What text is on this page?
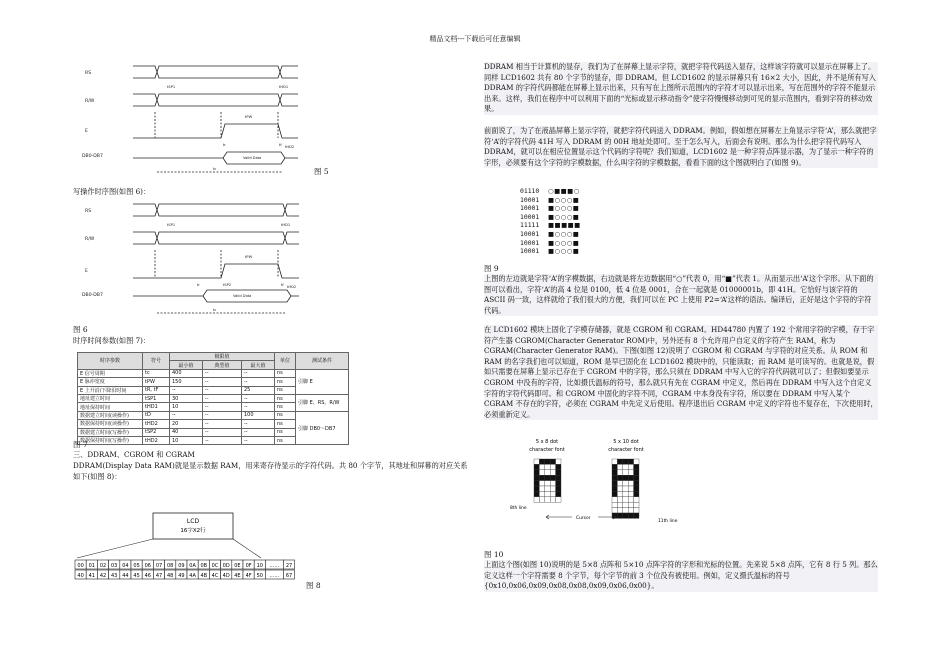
精品文档---下载后可任意编辑
RS
R/W
E
DB0-DB7
tSP1	tHD1
tPW
tr	tf
Valid Data
tHD2
tc	图 5
写操作时序图(如图 6)：
RS
R/W
E
DB0-DB7
tSP1	tHD1
tPW
tr	tf
Valid Data
tSP2	tHD2
tc
图 6
时序时间参数(如图 7)：
时序参数	符号	极限值			单位	测试条件
		最小值	典型值	最大值		
E 信号周期	tc	400	--	--	ns	引脚 E
E 脉冲宽度	tPW	150	--	--	ns	
E 上升沿/下降沿时间	tR, tF	--	--	25	ns	
地址建立时间	tSP1	30	--	--	ns	引脚 E、RS、R/W
地址保持时间	tHD1	10	--	--	ns	
数据建立时间(读操作)	tD	--	--	100	ns	引脚 DB0～DB7
数据保持时间(读操作)	tHD2	20	--	--	ns	
数据建立时间(写操作)	tSP2	40	--	--	ns	
数据保持时间(写操作)	tHD2	10	--	--	ns	
图 7
三、DDRAM、CGROM 和 CGRAM
DDRAM(Display Data RAM)就是显示数据 RAM，用来寄存待显示的字符代码。共 80 个字节，其地址和屏幕的对应关系如下(如图 8)：
LCD
16字X2行
00 01 02 03 04 05 06 07 08 09 0A 0B 0C 0D 0E 0F 10 …… 27
40 41 42 43 44 45 46 47 48 49 4A 4B 4C 4D 4E 4F 50 …… 67
图 8
DDRAM 相当于计算机的显存，我们为了在屏幕上显示字符，就把字符代码送入显存，这样该字符就可以显示在屏幕上了。同样 LCD1602 共有 80 个字节的显存，即 DDRAM。但 LCD1602 的显示屏幕只有 16×2 大小，因此，并不是所有写入 DDRAM 的字符代码都能在屏幕上显示出来，只有写在上图所示范围内的字符才可以显示出来，写在范围外的字符不能显示出来。这样，我们在程序中可以利用下面的“光标或显示移动指令”使字符慢慢移动到可见的显示范围内，看到字符的移动效果。
前面说了，为了在液晶屏幕上显示字符，就把字符代码送入 DDRAM。例如，假如想在屏幕左上角显示字符‘A’，那么就把字符‘A’的字符代码 41H 写入 DDRAM 的 00H 地址处即可。至于怎么写入，后面会有说明。那么为什么把字符代码写入 DDRAM，就可以在相应位置显示这个代码的字符呢？我们知道，LCD1602 是一种字符点阵显示器，为了显示一种字符的字形，必须要有这个字符的字模数据，什么叫字符的字模数据，看看下面的这个图就明白了(如图 9)。
01110 ○■■■○
10001 ■○○○■
10001 ■○○○■
10001 ■○○○■
11111 ■■■■■
10001 ■○○○■
10001 ■○○○■
10001 ■○○○■
图 9
上图的左边就是字符‘A’的字模数据，右边就是将左边数据用“○”代表 0，用“■”代表 1。从而显示出‘A’这个字形。从下面的图可以看出，字符‘A’的高 4 位是 0100，低 4 位是 0001，合在一起就是 01000001b，即 41H。它恰好与该字符的 ASCII 码一致，这样就给了我们很大的方便，我们可以在 PC 上使用 P2=‘A’这样的语法。编译后，正好是这个字符的字符代码。
在 LCD1602 模块上固化了字模存储器，就是 CGROM 和 CGRAM。HD44780 内置了 192 个常用字符的字模，存于字符产生器 CGROM(Character Generator ROM)中，另外还有 8 个允许用户自定义的字符产生 RAM，称为 CGRAM(Character Generator RAM)。下图(如图 12)说明了 CGROM 和 CGRAM 与字符的对应关系。从 ROM 和 RAM 的名字我们也可以知道，ROM 是早已固化在 LCD1602 模块中的，只能读取；而 RAM 是可读写的。也就是说，假如只需要在屏幕上显示已存在于 CGROM 中的字符，那么只须在 DDRAM 中写入它的字符代码就可以了；但假如要显示 CGROM 中没有的字符，比如摄氏温标的符号，那么就只有先在 CGRAM 中定义，然后再在 DDRAM 中写入这个自定义字符的字符代码即可。和 CGROM 中固化的字符不同，CGRAM 中本身没有字符，所以要在 DDRAM 中写入某个 CGRAM 不存在的字符，必须在 CGRAM 中先定义后使用。程序退出后 CGRAM 中定义的字符也不复存在，下次使用时，必须重新定义。
5 x 8 dot
character font
5 x 10 dot
character font
8th line
11th line
Cursor
图 10
上面这个图(如图 10)说明的是 5×8 点阵和 5×10 点阵字符的字形和光标的位置。先来说 5×8 点阵，它有 8 行 5 列。那么定义这样一个字符需要 8 个字节，每个字节的前 3 个位没有被使用。例如，定义摄氏温标的符号{0x10,0x06,0x09,0x08,0x08,0x09,0x06,0x00}。
